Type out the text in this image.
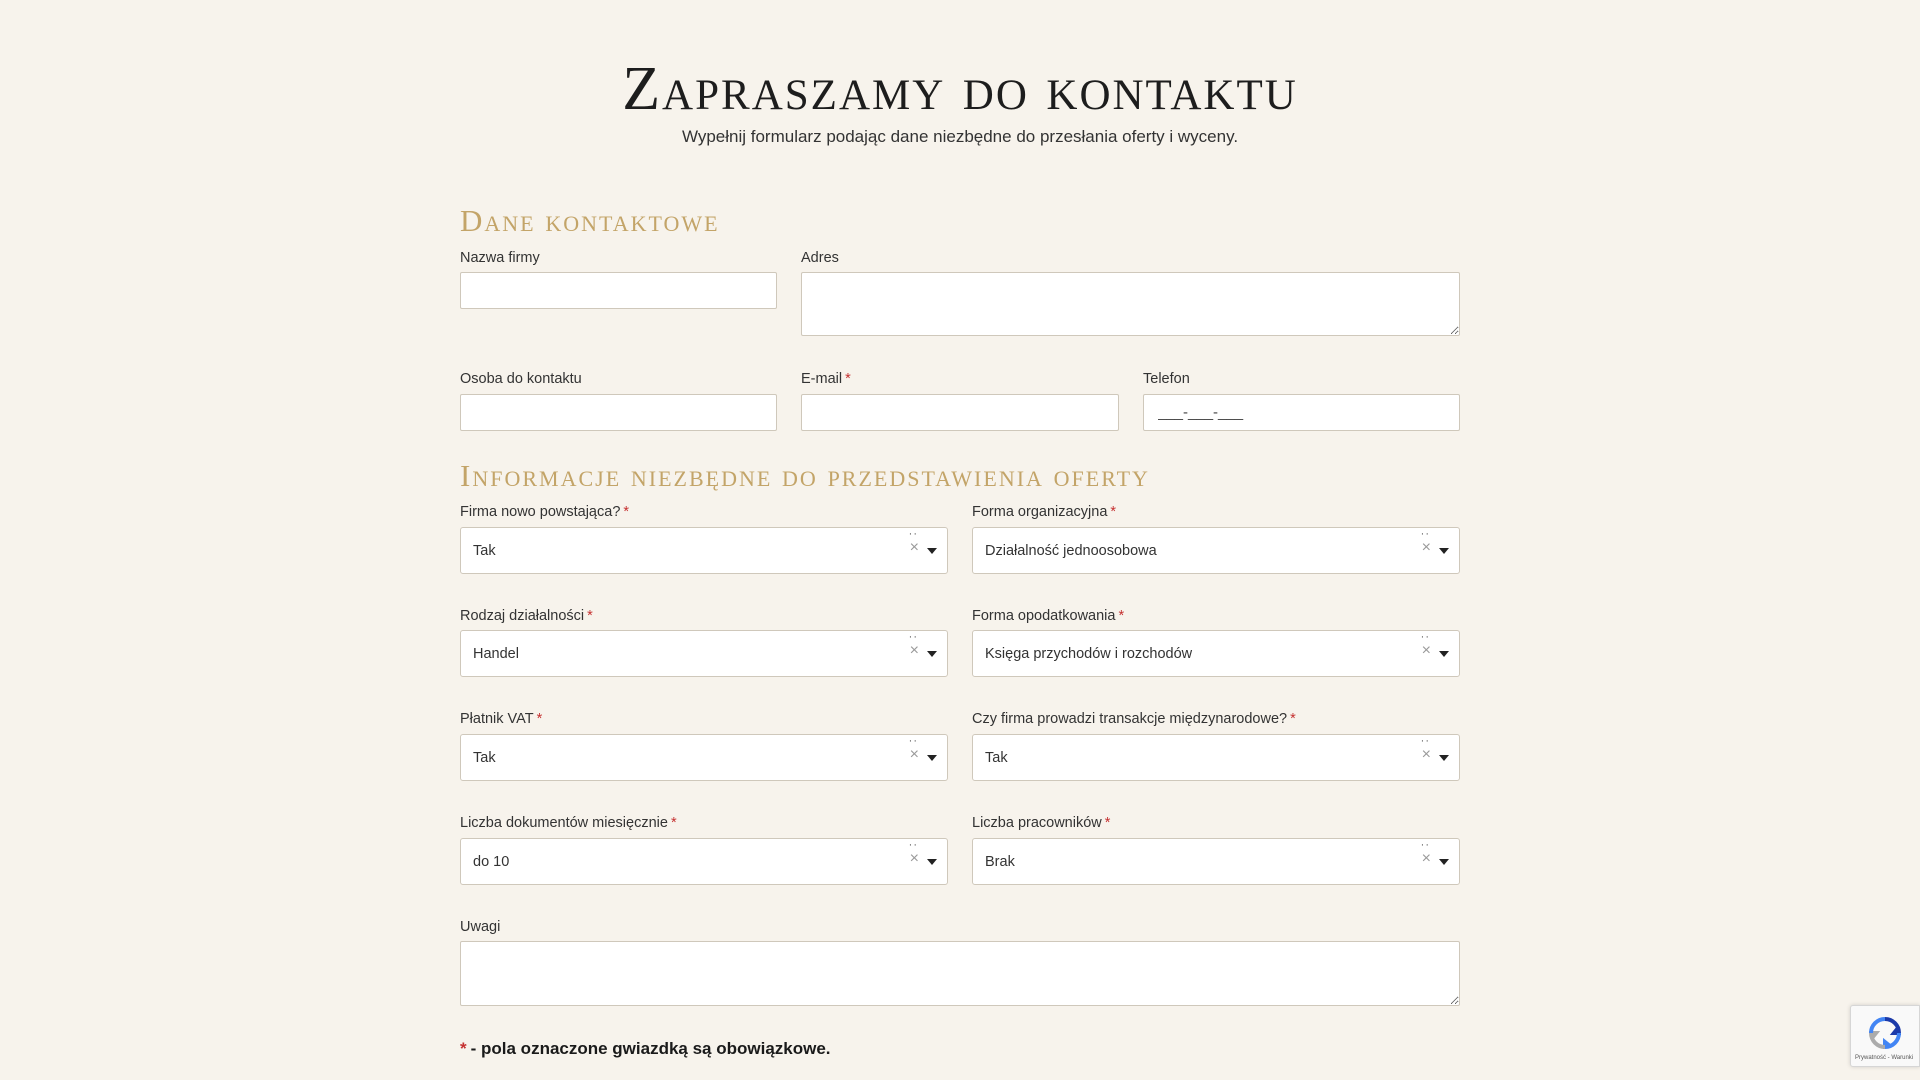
Zapraszamy do kontaktu
Wypełnij formularz podając dane niezbędne do przesłania oferty i wyceny.
Dane kontaktowe
Nazwa firmy	Adres
Osoba do kontaktu	E-mail *	Telefon
___-___-___
Informacje niezbędne do przedstawienia oferty
Firma nowo powstająca? *
Tak
··
×
Forma organizacyjna *
Działalność jednoosobowa
··
×
Rodzaj działalności *
Handel
··
×
Forma opodatkowania *
Księga przychodów i rozchodów
··
×
Płatnik VAT *
Tak
··
×
Czy firma prowadzi transakcje międzynarodowe? *
Tak
··
×
Liczba dokumentów miesięcznie *
do 10
··
×
Liczba pracowników *
Brak
··
×
Uwagi
* - pola oznaczone gwiazdką są obowiązkowe.	Prywatność - Warunki
